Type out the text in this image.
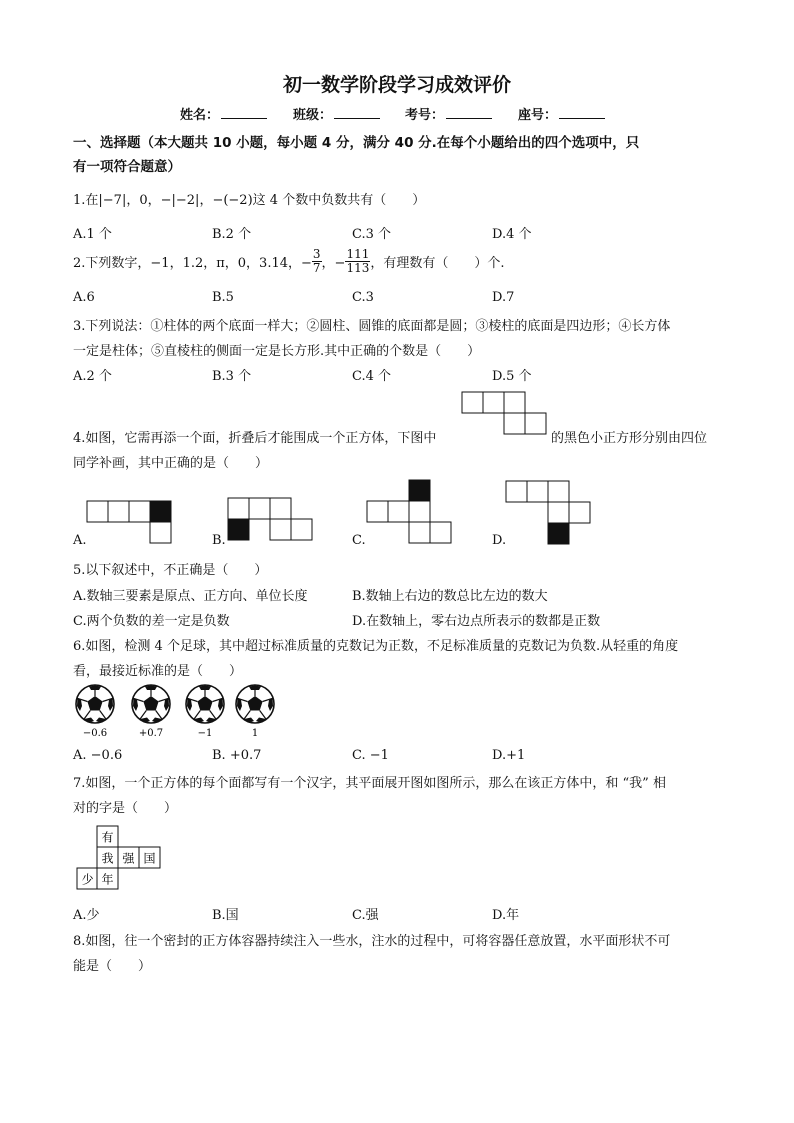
初一数学阶段学习成效评价
姓名：	班级：	考号：	座号：
一、选择题（本大题共 10 小题，每小题 4 分，满分 40 分.在每个小题给出的四个选项中，只
有一项符合题意）
1.在|−7|，0，−|−2|，−(−2)这 4 个数中负数共有（　　）
A.1 个	B.2 个	C.3 个	D.4 个
2.下列数字，−1，1.2，π，0，3.14，− $\frac{3}{7}$ ，− $\frac{111}{113}$ ，有理数有（　　）个.
A.6	B.5	C.3	D.7
3.下列说法：①柱体的两个底面一样大；②圆柱、圆锥的底面都是圆；③棱柱的底面是四边形；④长方体
一定是柱体；⑤直棱柱的侧面一定是长方形.其中正确的个数是（　　）
A.2 个	B.3 个	C.4 个	D.5 个
4.如图，它需再添一个面，折叠后才能围成一个正方体，下图中	的黑色小正方形分别由四位
同学补画，其中正确的是（　　）
A.	B.	C.	D.
5.以下叙述中，不正确是（　　）
A.数轴三要素是原点、正方向、单位长度	B.数轴上右边的数总比左边的数大
C.两个负数的差一定是负数	D.在数轴上，零右边点所表示的数都是正数
6.如图，检测 4 个足球，其中超过标准质量的克数记为正数，不足标准质量的克数记为负数.从轻重的角度
看，最接近标准的是（　　）
−0.6	+0.7	−1	1
A. −0.6	B. +0.7	C. −1	D.+1
7.如图，一个正方体的每个面都写有一个汉字，其平面展开图如图所示，那么在该正方体中，和 “我” 相
对的字是（　　）
有
我 强 国
少 年
A.少	B.国	C.强	D.年
8.如图，往一个密封的正方体容器持续注入一些水，注水的过程中，可将容器任意放置，水平面形状不可
能是（　　）
